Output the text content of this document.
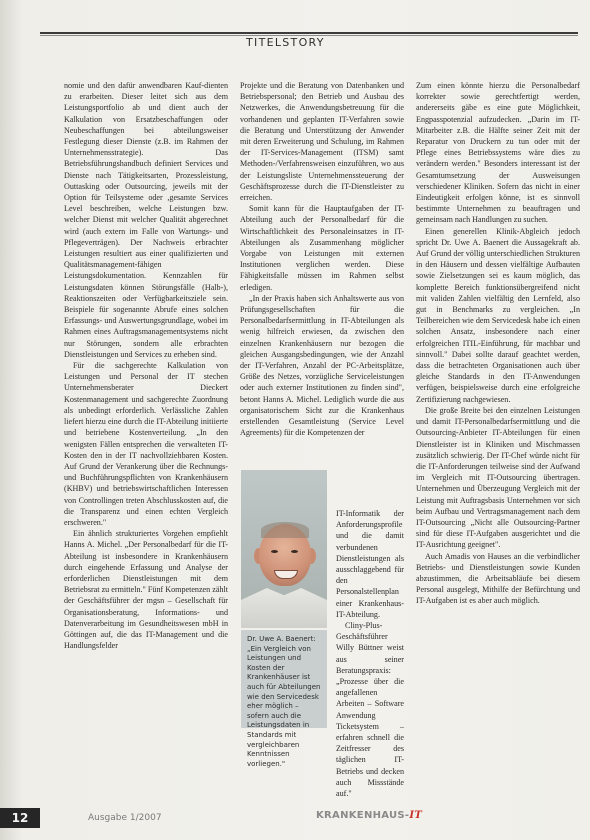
TITELSTORY

nomie und den dafür anwendbaren Kauf-dienten zu erarbeiten. Dieser leitet sich aus dem Leistungsportfolio ab und dient auch der Kalkulation von Ersatzbeschaffungen oder Neubeschaffungen bei abteilungsweiser Festlegung dieser Dienste (z.B. im Rahmen der Unternehmensstrategie). Das Betriebsführungshandbuch definiert Services und Dienste nach Tätigkeitsarten, Prozessleistung, Outtasking oder Outsourcing, jeweils mit der Option für Teilsysteme oder ,gesamte Services Level beschreiben, welche Leistungen bzw. welcher Dienst mit welcher Qualität abgerechnet wird (auch extern im Falle von Wartungs- und Pflegeverträgen). Der Nachweis erbrachter Leistungen resultiert aus einer qualifizierten und Qualitätsmanagement-fähigen Leistungsdokumentation. Kennzahlen für Leistungsdaten können Störungsfälle (Halb-), Reaktionszeiten oder Verfügbarkeitsziele sein. Beispiele für sogenannte Abrufe eines solchen Erfassungs- und Auswertungsgrundlage, wobei im Rahmen eines Auftragsmanagementsystems nicht nur Störungen, sondern alle erbrachten Dienstleistungen und Services zu erheben sind.

Für die sachgerechte Kalkulation von Leistungen und Personal der IT stechen Unternehmensberater Dieckert Kostenmanagement und sachgerechte Zuordnung als unbedingt erforderlich. Verlässliche Zahlen liefert hierzu eine durch die IT-Abteilung initiierte und betriebene Kostenverteilung. „In den wenigsten Fällen entsprechen die verwalteten IT-Kosten den in der IT nachvollziehbaren Kosten. Auf Grund der Verankerung über die Rechnungs- und Buchführungspflichten von Krankenhäusern (KHBV) und betriebswirtschaftlichen Interessen von Controllingen treten Abschlusskosten auf, die die Transparenz und einen echten Vergleich erschweren."

Ein ähnlich strukturiertes Vorgehen empfiehlt Hanns A. Michel. „Der Personalbedarf für die IT-Abteilung ist insbesondere in Krankenhäusern durch eingehende Erfassung und Analyse der erforderlichen Dienstleistungen mit dem Betriebsrat zu ermitteln." Fünf Kompetenzen zählt der Geschäftsführer der mgsn – Gesellschaft für Organisationsberatung, Informations- und Datenverarbeitung im Gesundheitswesen mbH in Göttingen auf, die das IT-Management und die Handlungsfelder

Projekte und die Beratung von Datenbanken und Betriebspersonal; den Betrieb und Ausbau des Netzwerkes, die Anwendungsbetreuung für die vorhandenen und geplanten IT-Verfahren sowie die Beratung und Unterstützung der Anwender mit deren Erweiterung und Schulung, im Rahmen der IT-Services-Management (ITSM) samt Methoden-/Verfahrensweisen einzuführen, wo aus der Leistungsliste Unternehmenssteuerung der Geschäftsprozesse durch die IT-Dienstleister zu erreichen.

Somit kann für die Hauptaufgaben der IT-Abteilung auch der Personalbedarf für die Wirtschaftlichkeit des Personaleinsatzes in IT-Abteilungen als Zusammenhang möglicher Vorgabe von Leistungen mit externen Institutionen verglichen werden. Diese Fähigkeitsfalle müssen im Rahmen selbst erledigen.

„In der Praxis haben sich Anhaltswerte aus von Prüfungsgesellschaften für die Personalbedarfsermittlung in IT-Abteilungen als wenig hilfreich erwiesen, da zwischen den einzelnen Krankenhäusern nur bezogen die gleichen Ausgangsbedingungen, wie der Anzahl der IT-Verfahren, Anzahl der PC-Arbeitsplätze, Größe des Netzes, vorzügliche Serviceleistungen oder auch externer Institutionen zu finden sind", betont Hanns A. Michel. Lediglich wurde die aus organisatorischem Sicht zur die Krankenhaus erstellenden Gesamtleistung (Service Level Agreements) für die Kompetenzen der

Dr. Uwe A. Baenert: „Ein Vergleich von Leistungen und Kosten der Krankenhäuser ist auch für Abteilungen wie den Servicedesk eher möglich – sofern auch die Leistungsdaten in Standards mit vergleichbaren Kenntnissen vorliegen."

IT-Informatik der Anforderungsprofile und die damit verbundenen Dienstleistungen als ausschlaggebend für den Personalstellenplan einer Krankenhaus-IT-Abteilung.

Cliny-Plus-Geschäftsführer Willy Büttner weist aus seiner Beratungspraxis: „Prozesse über die angefallenen Arbeiten – Software Anwendung Ticketsystem – erfahren schnell die Zeitfresser des täglichen IT-Betriebs und decken auch Missstände auf."

Zum einen könnte hierzu die Personalbedarf korrekter sowie gerechtfertigt werden, andererseits gäbe es eine gute Möglichkeit, Engpasspotenzial aufzudecken. „Darin im IT-Mitarbeiter z.B. die Hälfte seiner Zeit mit der Reparatur von Druckern zu tun oder mit der Pflege eines Betriebssystems wäre dies zu verändern werden." Besonders interessant ist der Gesamtumsetzung der Ausweisungen verschiedener Kliniken. Sofern das nicht in einer Eindeutigkeit erfolgen könne, ist es sinnvoll bestimmte Unternehmen zu beauftragen und gemeinsam nach Handlungen zu suchen.

Einen generellen Klinik-Abgleich jedoch spricht Dr. Uwe A. Baenert die Aussagekraft ab. Auf Grund der völlig unterschiedlichen Strukturen in den Häusern und dessen vielfältige Aufbauten sowie Zielsetzungen sei es kaum möglich, das komplette Bereich funktionsübergreifend nicht mit validen Zahlen vielfältig den Lernfeld, also gut in Benchmarks zu vergleichen. „In Teilbereichen wie dem Servicedesk habe ich einen solchen Ansatz, insbesondere nach einer erfolgreichen ITIL-Einführung, für machbar und sinnvoll." Dabei sollte darauf geachtet werden, dass die betrachteten Organisationen auch über gleiche Standards in den IT-Anwendungen verfügen, beispielsweise durch eine erfolgreiche Zertifizierung nachgewiesen.

Die große Breite bei den einzelnen Leistungen und damit IT-Personalbedarfsermittlung und die Outsourcing-Anbieter IT-Abteilungen für einen Dienstleister ist in Kliniken und Mischmassen zusätzlich schwierig. Der IT-Chef würde nicht für die IT-Anforderungen teilweise sind der Aufwand im Vergleich mit IT-Outsourcing übertragen. Unternehmen und Überzeugung Vergleich mit der Leistung mit Auftragsbasis Unternehmen vor sich beim Aufbau und Vertragsmanagement nach dem IT-Outsourcing „Nicht alle Outsourcing-Partner sind für diese IT-Aufgaben ausgerichtet und die IT-Ausrichtung geeignet".

Auch Amadis von Hauses an die verbindlicher Betriebs- und Dienstleistungen sowie Kunden abzustimmen, die Arbeitsabläufe bei diesem Personal ausgelegt, Mithilfe der Befürchtung und IT-Aufgaben ist es aber auch möglich.

12	Ausgabe 1/2007	KRANKENHAUS-IT
